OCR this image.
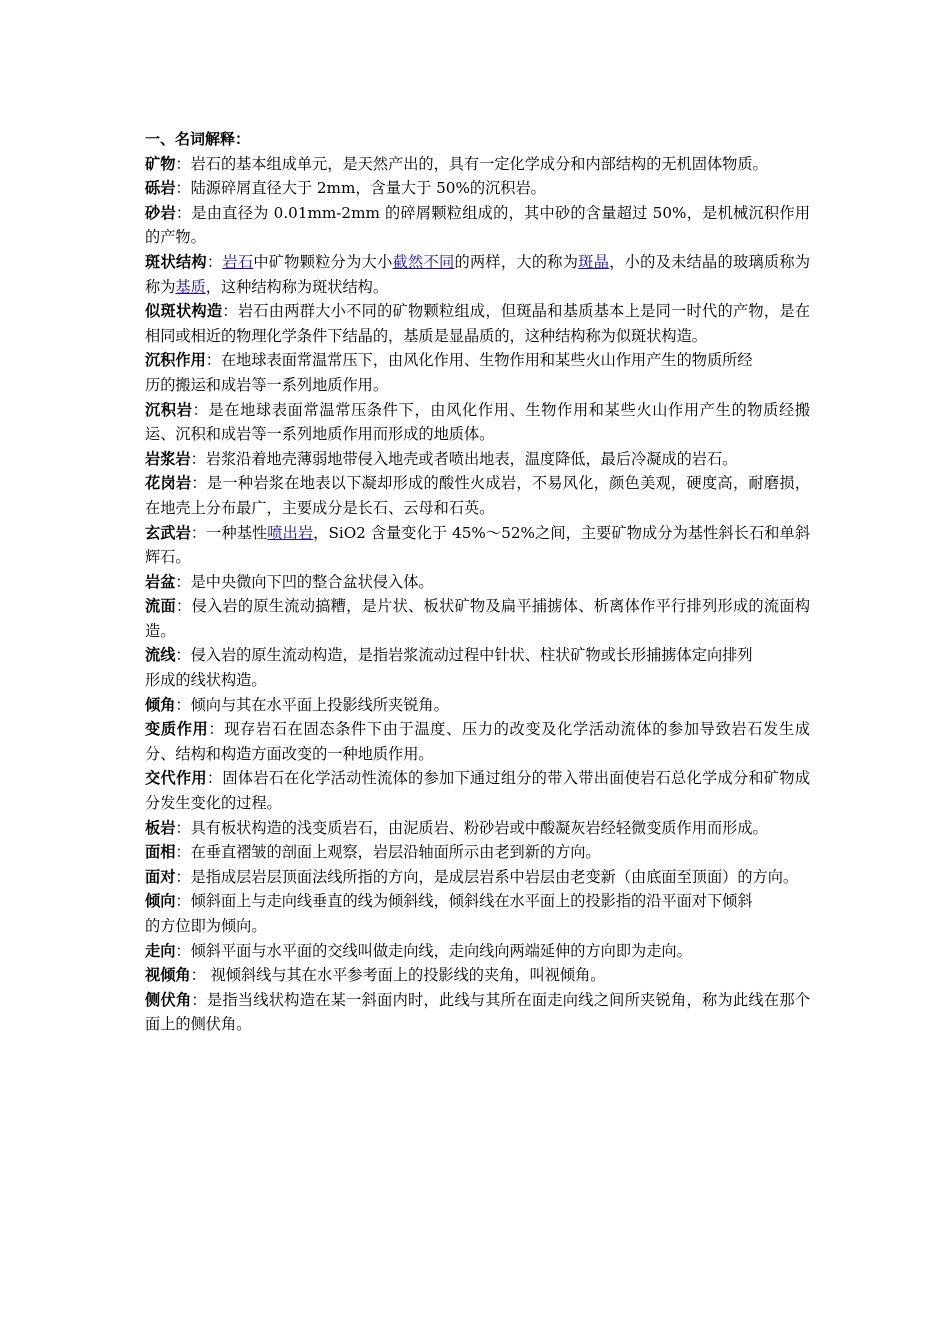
一、名词解释：

矿物：岩石的基本组成单元，是天然产出的，具有一定化学成分和内部结构的无机固体物质。

砾岩：陆源碎屑直径大于 2mm，含量大于 50%的沉积岩。

砂岩：是由直径为 0.01mm-2mm 的碎屑颗粒组成的，其中砂的含量超过 50%，是机械沉积作用的产物。

斑状结构：岩石中矿物颗粒分为大小截然不同的两样，大的称为斑晶，小的及未结晶的玻璃质称为称为基质，这种结构称为斑状结构。

似斑状构造：岩石由两群大小不同的矿物颗粒组成，但斑晶和基质基本上是同一时代的产物，是在相同或相近的物理化学条件下结晶的，基质是显晶质的，这种结构称为似斑状构造。

沉积作用：在地球表面常温常压下，由风化作用、生物作用和某些火山作用产生的物质所经
历的搬运和成岩等一系列地质作用。

沉积岩：是在地球表面常温常压条件下，由风化作用、生物作用和某些火山作用产生的物质经搬运、沉积和成岩等一系列地质作用而形成的地质体。

岩浆岩：岩浆沿着地壳薄弱地带侵入地壳或者喷出地表，温度降低，最后冷凝成的岩石。

花岗岩：是一种岩浆在地表以下凝却形成的酸性火成岩，不易风化，颜色美观，硬度高，耐磨损，在地壳上分布最广，主要成分是长石、云母和石英。

玄武岩：一种基性喷出岩，SiO2 含量变化于 45%～52%之间，主要矿物成分为基性斜长石和单斜辉石。

岩盆：是中央微向下凹的整合盆状侵入体。

流面：侵入岩的原生流动搞糟，是片状、板状矿物及扁平捕掳体、析离体作平行排列形成的流面构造。

流线：侵入岩的原生流动构造，是指岩浆流动过程中针状、柱状矿物或长形捕掳体定向排列
形成的线状构造。

倾角：倾向与其在水平面上投影线所夹锐角。

变质作用：现存岩石在固态条件下由于温度、压力的改变及化学活动流体的参加导致岩石发生成分、结构和构造方面改变的一种地质作用。

交代作用：固体岩石在化学活动性流体的参加下通过组分的带入带出面使岩石总化学成分和矿物成分发生变化的过程。

板岩：具有板状构造的浅变质岩石，由泥质岩、粉砂岩或中酸凝灰岩经轻微变质作用而形成。

面相：在垂直褶皱的剖面上观察，岩层沿轴面所示由老到新的方向。

面对：是指成层岩层顶面法线所指的方向，是成层岩系中岩层由老变新（由底面至顶面）的方向。

倾向：倾斜面上与走向线垂直的线为倾斜线，倾斜线在水平面上的投影指的沿平面对下倾斜
的方位即为倾向。

走向：倾斜平面与水平面的交线叫做走向线，走向线向两端延伸的方向即为走向。

视倾角： 视倾斜线与其在水平参考面上的投影线的夹角，叫视倾角。

侧伏角：是指当线状构造在某一斜面内时，此线与其所在面走向线之间所夹锐角，称为此线在那个面上的侧伏角。
